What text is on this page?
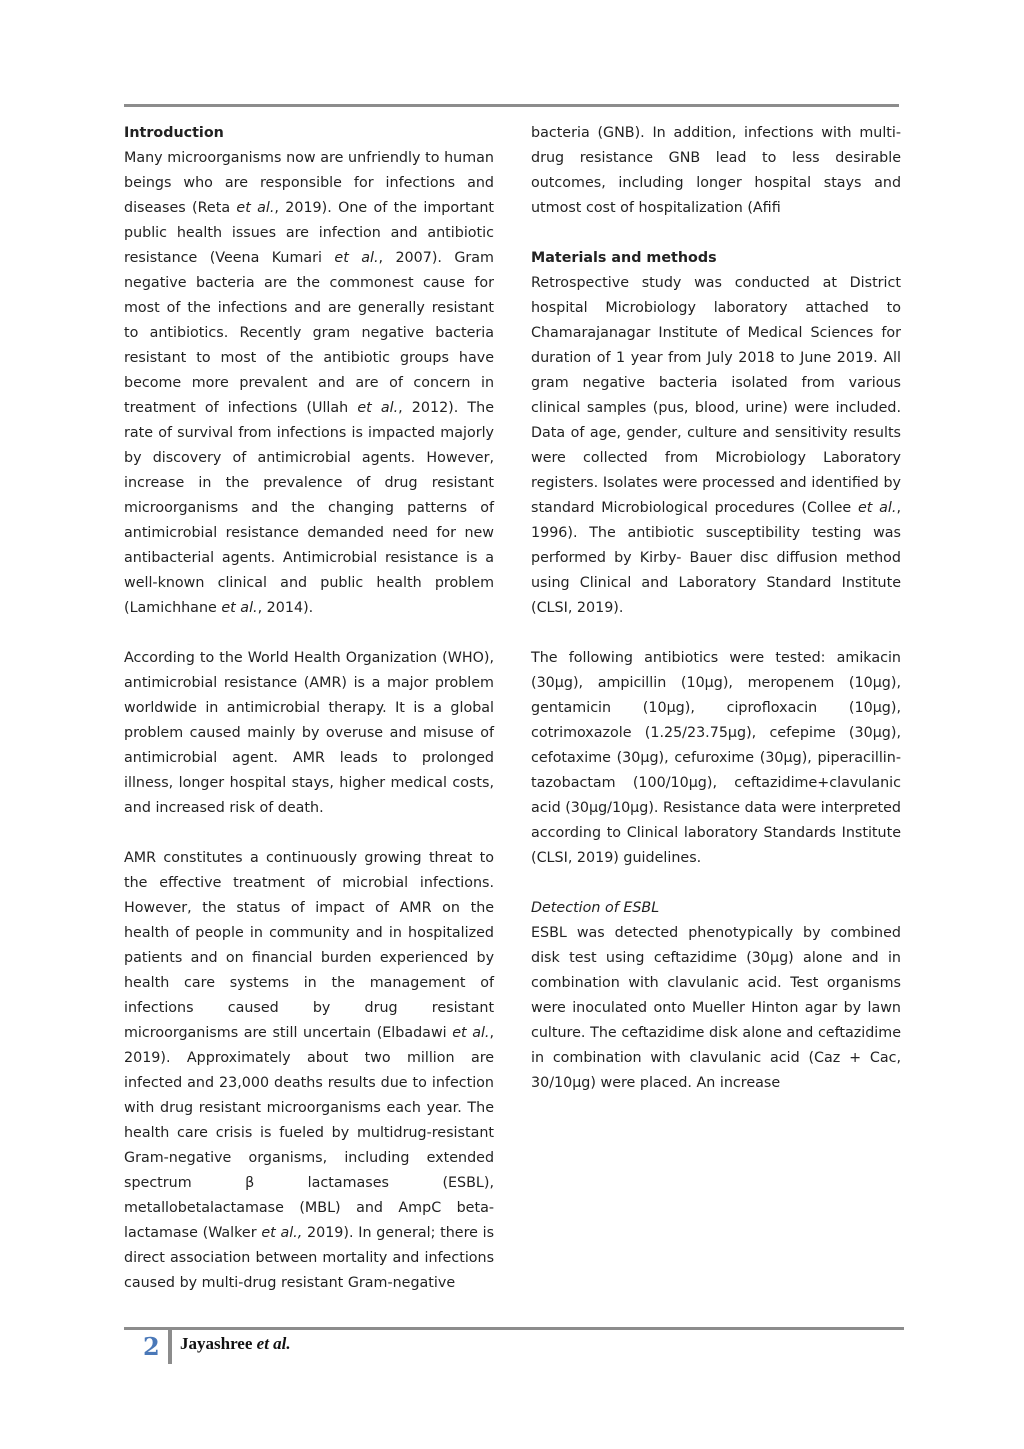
Introduction

Many microorganisms now are unfriendly to human beings who are responsible for infections and diseases (Reta et al., 2019). One of the important public health issues are infection and antibiotic resistance (Veena Kumari et al., 2007). Gram negative bacteria are the commonest cause for most of the infections and are generally resistant to antibiotics. Recently gram negative bacteria resistant to most of the antibiotic groups have become more prevalent and are of concern in treatment of infections (Ullah et al., 2012). The rate of survival from infections is impacted majorly by discovery of antimicrobial agents. However, increase in the prevalence of drug resistant microorganisms and the changing patterns of antimicrobial resistance demanded need for new antibacterial agents. Antimicrobial resistance is a well-known clinical and public health problem (Lamichhane et al., 2014).

According to the World Health Organization (WHO), antimicrobial resistance (AMR) is a major problem worldwide in antimicrobial therapy. It is a global problem caused mainly by overuse and misuse of antimicrobial agent. AMR leads to prolonged illness, longer hospital stays, higher medical costs, and increased risk of death.

AMR constitutes a continuously growing threat to the effective treatment of microbial infections. However, the status of impact of AMR on the health of people in community and in hospitalized patients and on financial burden experienced by health care systems in the management of infections caused by drug resistant microorganisms are still uncertain (Elbadawi et al., 2019). Approximately about two million are infected and 23,000 deaths results due to infection with drug resistant microorganisms each year. The health care crisis is fueled by multidrug-resistant Gram-negative organisms, including extended spectrum	β	lactamases	(ESBL), metallobetalactamase (MBL) and AmpC beta-lactamase (Walker et al., 2019). In general; there is direct association between mortality and infections caused by multi-drug resistant Gram-negative

bacteria (GNB). In addition, infections with multi-drug resistance GNB lead to less desirable outcomes, including longer hospital stays and utmost cost of hospitalization (Afifi

Materials and methods

Retrospective study was conducted at District hospital Microbiology laboratory attached to Chamarajanagar Institute of Medical Sciences for duration of 1 year from July 2018 to June 2019. All gram negative bacteria isolated from various clinical samples (pus, blood, urine) were included. Data of age, gender, culture and sensitivity results were collected from Microbiology Laboratory registers. Isolates were processed and identified by standard Microbiological procedures (Collee et al., 1996). The antibiotic susceptibility testing was performed by Kirby- Bauer disc diffusion method using Clinical and Laboratory Standard Institute (CLSI, 2019).

The following antibiotics were tested: amikacin (30µg), ampicillin (10µg), meropenem (10µg), gentamicin (10µg), ciprofloxacin (10µg), cotrimoxazole (1.25/23.75µg), cefepime (30µg), cefotaxime (30µg), cefuroxime (30µg), piperacillin-tazobactam (100/10µg), ceftazidime+clavulanic acid (30µg/10µg). Resistance data were interpreted according to Clinical laboratory Standards Institute (CLSI, 2019) guidelines.

Detection of ESBL

ESBL was detected phenotypically by combined disk test using ceftazidime (30µg) alone and in combination with clavulanic acid. Test organisms were inoculated onto Mueller Hinton agar by lawn culture. The ceftazidime disk alone and ceftazidime in combination with clavulanic acid (Caz + Cac, 30/10µg) were placed. An increase

2 Jayashree et al.
